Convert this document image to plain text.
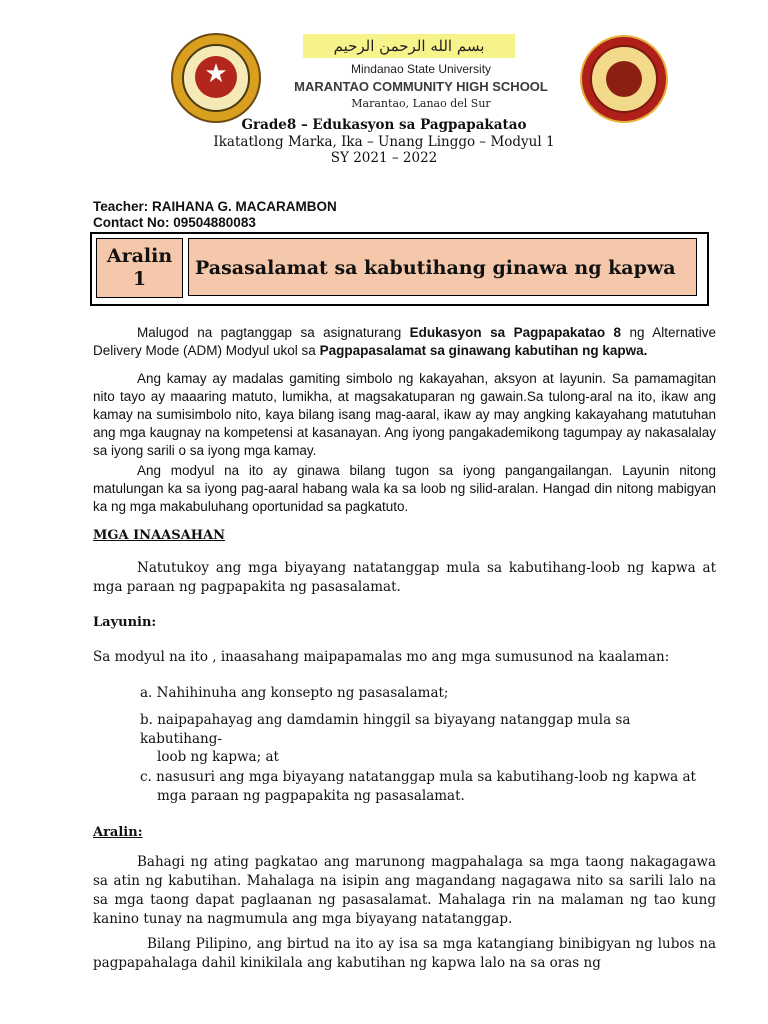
★
بسم الله الرحمن الرحيم
Mindanao State University
MARANTAO COMMUNITY HIGH SCHOOL
Marantao, Lanao del Sur
Grade8 – Edukasyon sa Pagpapakatao
Ikatatlong Marka, Ika – Unang Linggo – Modyul 1
SY 2021 – 2022
Teacher: RAIHANA G. MACARAMBON
Contact No: 09504880083
Aralin
1	Pasasalamat sa kabutihang ginawa ng kapwa
Malugod na pagtanggap sa asignaturang Edukasyon sa Pagpapakatao 8 ng Alternative Delivery Mode (ADM) Modyul ukol sa Pagpapasalamat sa ginawang kabutihan ng kapwa.
Ang kamay ay madalas gamiting simbolo ng kakayahan, aksyon at layunin. Sa pamamagitan nito tayo ay maaaring matuto, lumikha, at magsakatuparan ng gawain.Sa tulong-aral na ito, ikaw ang kamay na sumisimbolo nito, kaya bilang isang mag-aaral, ikaw ay may angking kakayahang matutuhan ang mga kaugnay na kompetensi at kasanayan. Ang iyong pangakademikong tagumpay ay nakasalalay sa iyong sarili o sa iyong mga kamay.
Ang modyul na ito ay ginawa bilang tugon sa iyong pangangailangan. Layunin nitong matulungan ka sa iyong pag-aaral habang wala ka sa loob ng silid-aralan. Hangad din nitong mabigyan ka ng mga makabuluhang oportunidad sa pagkatuto.
MGA INAASAHAN
Natutukoy ang mga biyayang natatanggap mula sa kabutihang-loob ng kapwa at mga paraan ng pagpapakita ng pasasalamat.
Layunin:
Sa modyul na ito , inaasahang maipapamalas mo ang mga sumusunod na kaalaman:
a. Nahihinuha ang konsepto ng pasasalamat;
b. naipapahayag ang damdamin hinggil sa biyayang natanggap mula sa kabutihang-
loob ng kapwa; at
c. nasusuri ang mga biyayang natatanggap mula sa kabutihang-loob ng kapwa at
mga paraan ng pagpapakita ng pasasalamat.
Aralin:
Bahagi ng ating pagkatao ang marunong magpahalaga sa mga taong nakagagawa sa atin ng kabutihan. Mahalaga na isipin ang magandang nagagawa nito sa sarili lalo na sa mga taong dapat paglaanan ng pasasalamat. Mahalaga rin na malaman ng tao kung kanino tunay na nagmumula ang mga biyayang natatanggap.
Bilang Pilipino, ang birtud na ito ay isa sa mga katangiang binibigyan ng lubos na pagpapahalaga dahil kinikilala ang kabutihan ng kapwa lalo na sa oras ng
